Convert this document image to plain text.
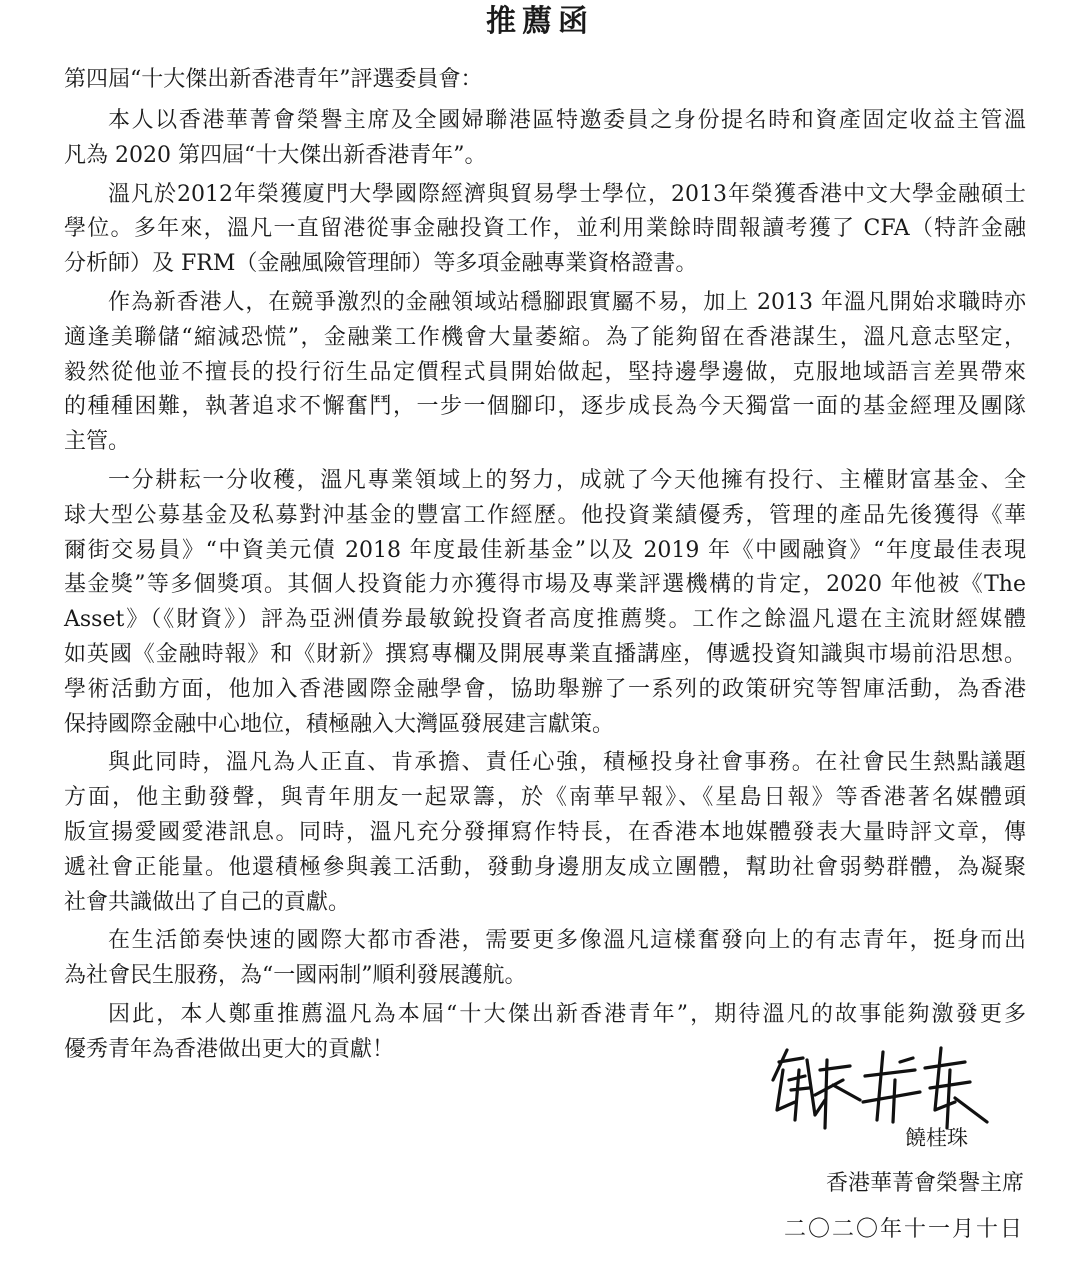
推薦函
第四屆“十大傑出新香港青年”評選委員會：
本人以香港華菁會榮譽主席及全國婦聯港區特邀委員之身份提名時和資產固定收益主管溫
凡為 2020 第四屆“十大傑出新香港青年”。
溫凡於2012年榮獲廈門大學國際經濟與貿易學士學位，2013年榮獲香港中文大學金融碩士
學位。多年來，溫凡一直留港從事金融投資工作，並利用業餘時間報讀考獲了 CFA（特許金融
分析師）及 FRM（金融風險管理師）等多項金融專業資格證書。
作為新香港人，在競爭激烈的金融領域站穩腳跟實屬不易，加上 2013 年溫凡開始求職時亦
適逢美聯儲“縮減恐慌”，金融業工作機會大量萎縮。為了能夠留在香港謀生，溫凡意志堅定，
毅然從他並不擅長的投行衍生品定價程式員開始做起，堅持邊學邊做，克服地域語言差異帶來
的種種困難，執著追求不懈奮鬥，一步一個腳印，逐步成長為今天獨當一面的基金經理及團隊
主管。
一分耕耘一分收穫，溫凡專業領域上的努力，成就了今天他擁有投行、主權財富基金、全
球大型公募基金及私募對沖基金的豐富工作經歷。他投資業績優秀，管理的產品先後獲得《華
爾街交易員》“中資美元債 2018 年度最佳新基金”以及 2019 年《中國融資》“年度最佳表現
基金獎”等多個獎項。其個人投資能力亦獲得市場及專業評選機構的肯定，2020 年他被《The
Asset》（《財資》）評為亞洲債券最敏銳投資者高度推薦獎。工作之餘溫凡還在主流財經媒體
如英國《金融時報》和《財新》撰寫專欄及開展專業直播講座，傳遞投資知識與市場前沿思想。
學術活動方面，他加入香港國際金融學會，協助舉辦了一系列的政策研究等智庫活動，為香港
保持國際金融中心地位，積極融入大灣區發展建言獻策。
與此同時，溫凡為人正直、肯承擔、責任心強，積極投身社會事務。在社會民生熱點議題
方面，他主動發聲，與青年朋友一起眾籌，於《南華早報》、《星島日報》等香港著名媒體頭
版宣揚愛國愛港訊息。同時，溫凡充分發揮寫作特長，在香港本地媒體發表大量時評文章，傳
遞社會正能量。他還積極參與義工活動，發動身邊朋友成立團體，幫助社會弱勢群體，為凝聚
社會共識做出了自己的貢獻。
在生活節奏快速的國際大都市香港，需要更多像溫凡這樣奮發向上的有志青年，挺身而出
為社會民生服務，為“一國兩制”順利發展護航。
因此，本人鄭重推薦溫凡為本屆“十大傑出新香港青年”，期待溫凡的故事能夠激發更多
優秀青年為香港做出更大的貢獻！
饒桂珠
香港華菁會榮譽主席
二〇二〇年十一月十日
